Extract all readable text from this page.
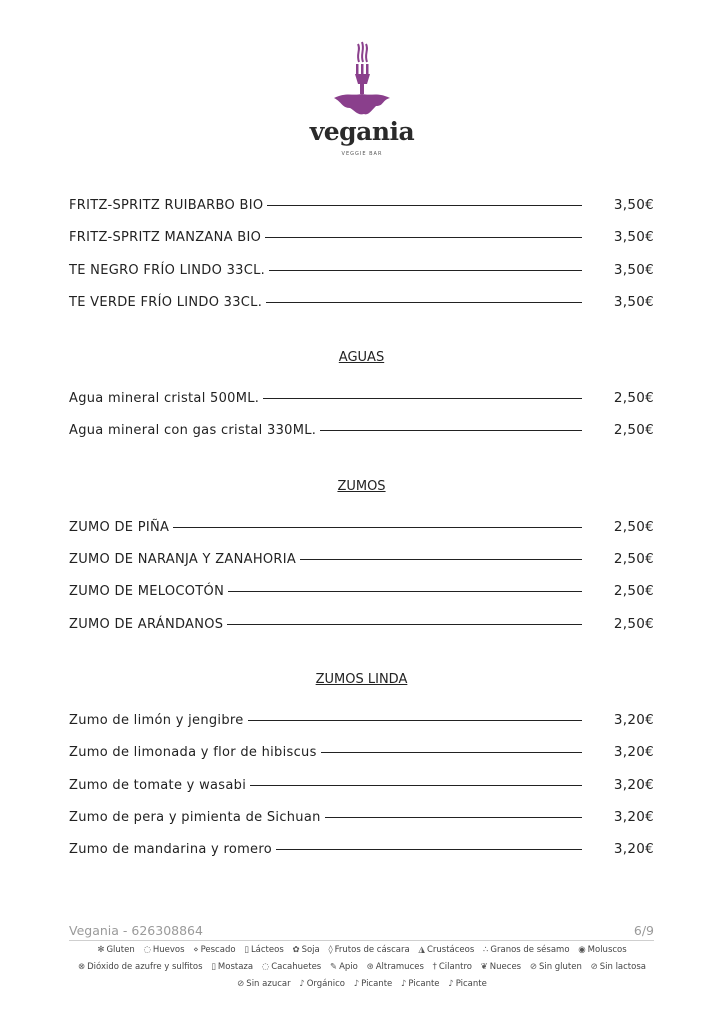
vegania
VEGGIE BAR
FRITZ-SPRITZ RUIBARBO BIO	3,50€
FRITZ-SPRITZ MANZANA BIO	3,50€
TE NEGRO FRÍO LINDO 33CL.	3,50€
TE VERDE FRÍO LINDO 33CL.	3,50€
AGUAS
Agua mineral cristal 500ML.	2,50€
Agua mineral con gas cristal 330ML.	2,50€
ZUMOS
ZUMO DE PIÑA	2,50€
ZUMO DE NARANJA Y ZANAHORIA	2,50€
ZUMO DE MELOCOTÓN	2,50€
ZUMO DE ARÁNDANOS	2,50€
ZUMOS LINDA
Zumo de limón y jengibre	3,20€
Zumo de limonada y flor de hibiscus	3,20€
Zumo de tomate y wasabi	3,20€
Zumo de pera y pimienta de Sichuan	3,20€
Zumo de mandarina y romero	3,20€
Vegania - 626308864	6/9
✻ Gluten ◌ Huevos ⋄ Pescado ▯ Lácteos ✿ Soja ◊ Frutos de cáscara ◮ Crustáceos ∴ Granos de sésamo ◉ Moluscos
⊗ Dióxido de azufre y sulfitos ▯ Mostaza ◌ Cacahuetes ✎ Apio ⊛ Altramuces † Cilantro ❦ Nueces ⊘ Sin gluten ⊘ Sin lactosa
⊘ Sin azucar ♪ Orgánico ♪ Picante ♪ Picante ♪ Picante
